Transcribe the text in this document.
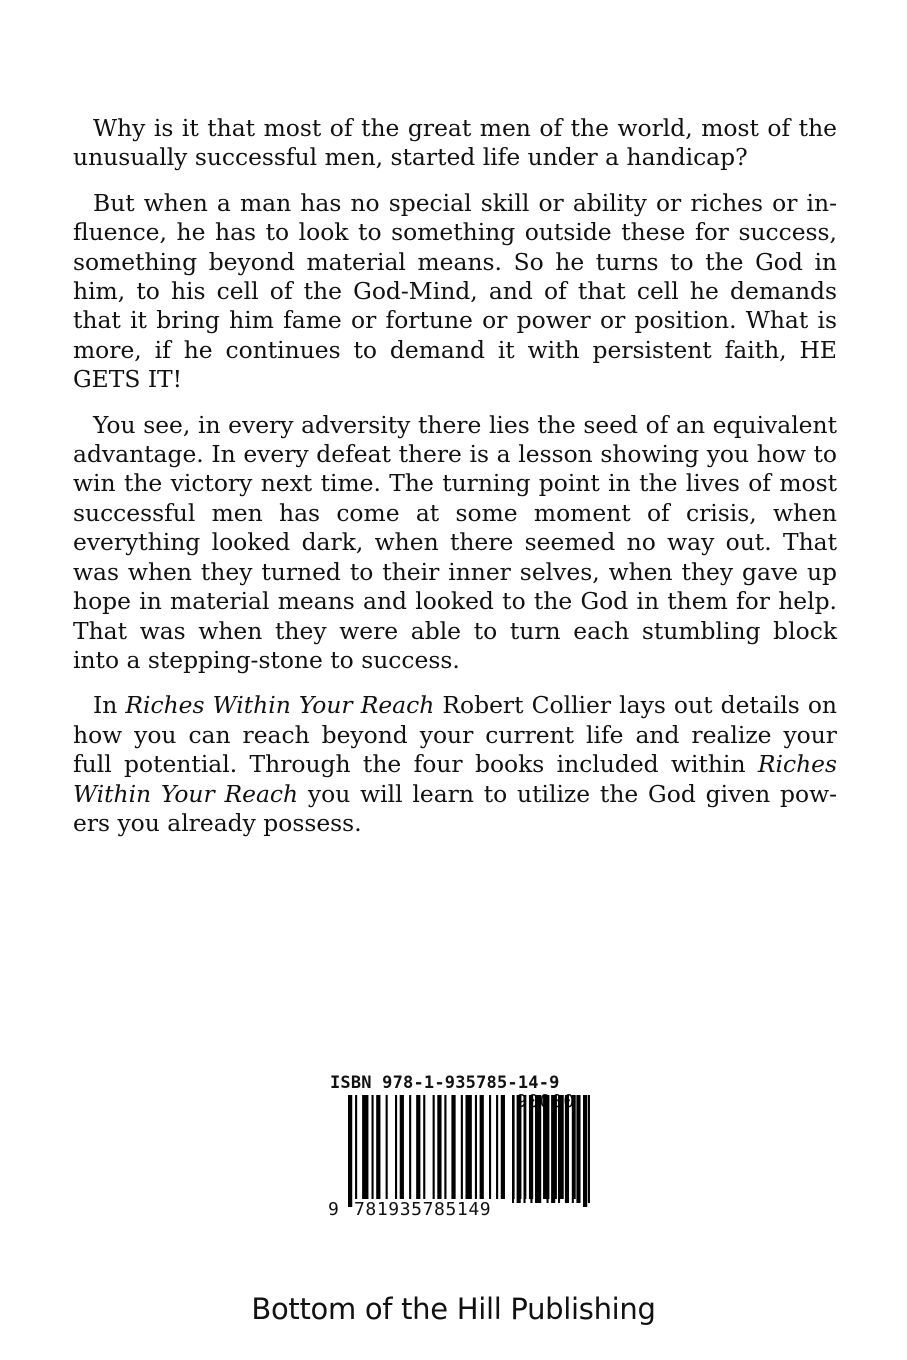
Why is it that most of the great men of the world, most of the unusually successful men, started life under a handicap?

But when a man has no special skill or ability or riches or influence, he has to look to something outside these for success, something beyond material means. So he turns to the God in him, to his cell of the God-Mind, and of that cell he demands that it bring him fame or fortune or power or position. What is more, if he continues to demand it with persistent faith, HE GETS IT!

You see, in every adversity there lies the seed of an equivalent advantage. In every defeat there is a lesson showing you how to win the victory next time. The turning point in the lives of most successful men has come at some moment of crisis, when everything looked dark, when there seemed no way out. That was when they turned to their inner selves, when they gave up hope in material means and looked to the God in them for help. That was when they were able to turn each stumbling block into a stepping-stone to success.

In Riches Within Your Reach Robert Collier lays out details on how you can reach beyond your current life and realize your full potential. Through the four books included within Riches Within Your Reach you will learn to utilize the God given powers you already possess.

ISBN 978-1-935785-14-9
9 781935785149
Bottom of the Hill Publishing
